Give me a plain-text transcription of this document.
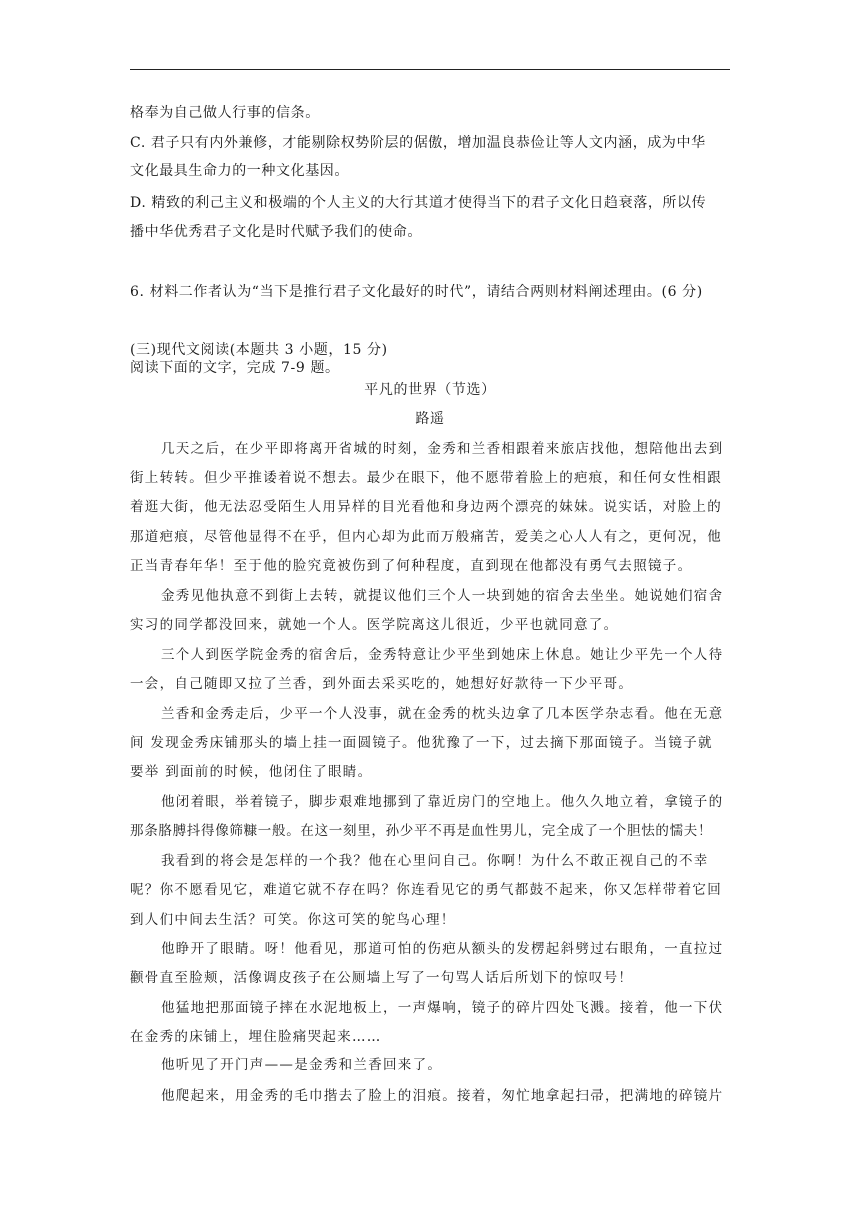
格奉为自己做人行事的信条。
C. 君子只有内外兼修，才能剔除权势阶层的倨傲，增加温良恭俭让等人文内涵，成为中华
文化最具生命力的一种文化基因。
D. 精致的利己主义和极端的个人主义的大行其道才使得当下的君子文化日趋衰落，所以传
播中华优秀君子文化是时代赋予我们的使命。
6. 材料二作者认为“当下是推行君子文化最好的时代”，请结合两则材料阐述理由。(6 分)
(三)现代文阅读(本题共 3 小题，15 分)
阅读下面的文字，完成 7-9 题。
平凡的世界（节选）
路遥
几天之后，在少平即将离开省城的时刻，金秀和兰香相跟着来旅店找他，想陪他出去到
街上转转。但少平推诿着说不想去。最少在眼下，他不愿带着脸上的疤痕，和任何女性相跟
着逛大街，他无法忍受陌生人用异样的目光看他和身边两个漂亮的妹妹。说实话，对脸上的
那道疤痕，尽管他显得不在乎，但内心却为此而万般痛苦，爱美之心人人有之，更何况，他
正当青春年华！至于他的脸究竟被伤到了何种程度，直到现在他都没有勇气去照镜子。
金秀见他执意不到街上去转，就提议他们三个人一块到她的宿舍去坐坐。她说她们宿舍
实习的同学都没回来，就她一个人。医学院离这儿很近，少平也就同意了。
三个人到医学院金秀的宿舍后，金秀特意让少平坐到她床上休息。她让少平先一个人待
一会，自己随即又拉了兰香，到外面去采买吃的，她想好好款待一下少平哥。
兰香和金秀走后，少平一个人没事，就在金秀的枕头边拿了几本医学杂志看。他在无意
间 发现金秀床铺那头的墙上挂一面圆镜子。他犹豫了一下，过去摘下那面镜子。当镜子就
要举 到面前的时候，他闭住了眼睛。
他闭着眼，举着镜子，脚步艰难地挪到了靠近房门的空地上。他久久地立着，拿镜子的
那条胳膊抖得像筛糠一般。在这一刻里，孙少平不再是血性男儿，完全成了一个胆怯的懦夫！
我看到的将会是怎样的一个我？他在心里问自己。你啊！为什么不敢正视自己的不幸
呢？你不愿看见它，难道它就不存在吗？你连看见它的勇气都鼓不起来，你又怎样带着它回
到人们中间去生活？可笑。你这可笑的鸵鸟心理！
他睁开了眼睛。呀！他看见，那道可怕的伤疤从额头的发楞起斜劈过右眼角，一直拉过
颧骨直至脸颊，活像调皮孩子在公厕墙上写了一句骂人话后所划下的惊叹号！
他猛地把那面镜子摔在水泥地板上，一声爆响，镜子的碎片四处飞溅。接着，他一下伏
在金秀的床铺上，埋住脸痛哭起来……
他听见了开门声——是金秀和兰香回来了。
他爬起来，用金秀的毛巾揩去了脸上的泪痕。接着，匆忙地拿起扫帚，把满地的碎镜片
